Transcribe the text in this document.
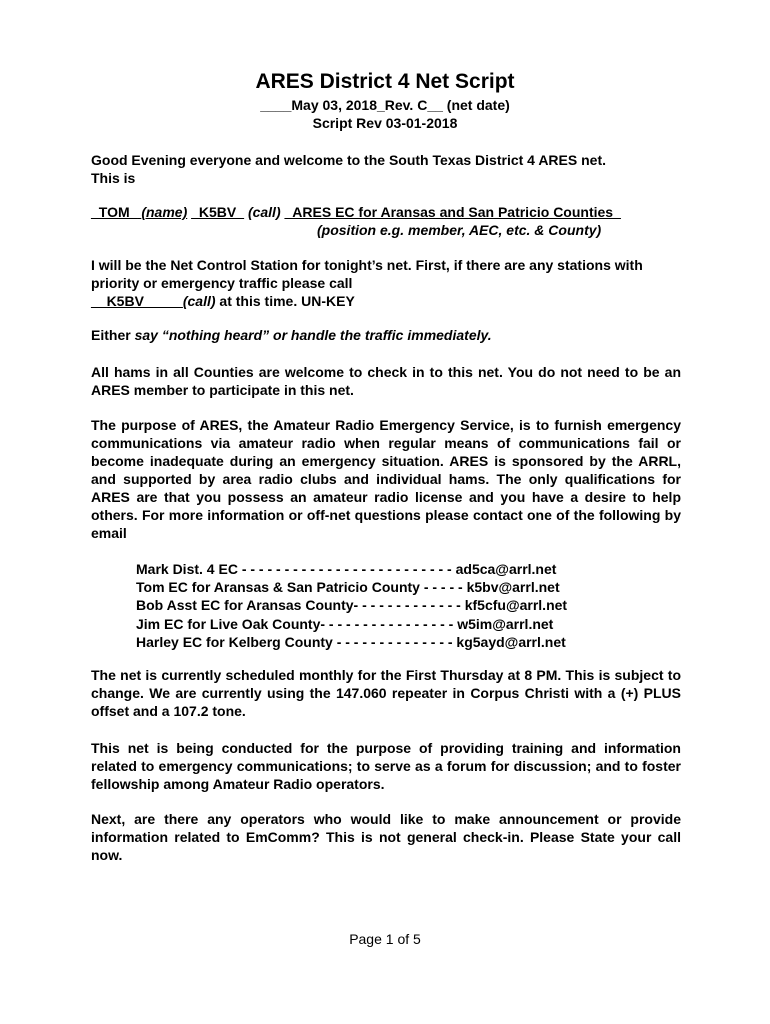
ARES District 4 Net Script
____May 03, 2018_Rev. C__ (net date)
Script Rev 03-01-2018
Good Evening everyone and welcome to the South Texas District 4 ARES net.
This is
_TOM_ (name) _K5BV_ (call) _ARES EC for Aransas and San Patricio Counties_
(position e.g. member, AEC, etc. & County)
I will be the Net Control Station for tonight’s net. First, if there are any stations with
priority or emergency traffic please call
__K5BV_____(call) at this time. UN-KEY
Either say “nothing heard” or handle the traffic immediately.
All hams in all Counties are welcome to check in to this net. You do not need to be an ARES member to participate in this net.
The purpose of ARES, the Amateur Radio Emergency Service, is to furnish emergency communications via amateur radio when regular means of communications fail or become inadequate during an emergency situation. ARES is sponsored by the ARRL, and supported by area radio clubs and individual hams. The only qualifications for ARES are that you possess an amateur radio license and you have a desire to help others. For more information or off-net questions please contact one of the following by email
Mark Dist. 4 EC - - - - - - - - - - - - - - - - - - - - - - - - - ad5ca@arrl.net
Tom EC for Aransas & San Patricio County - - - - - k5bv@arrl.net
Bob Asst EC for Aransas County- - - - - - - - - - - - - kf5cfu@arrl.net
Jim EC for Live Oak County- - - - - - - - - - - - - - - - w5im@arrl.net
Harley EC for Kelberg County - - - - - - - - - - - - - - kg5ayd@arrl.net
The net is currently scheduled monthly for the First Thursday at 8 PM. This is subject to change. We are currently using the 147.060 repeater in Corpus Christi with a (+) PLUS offset and a 107.2 tone.
This net is being conducted for the purpose of providing training and information related to emergency communications; to serve as a forum for discussion; and to foster fellowship among Amateur Radio operators.
Next, are there any operators who would like to make announcement or provide information related to EmComm? This is not general check-in. Please State your call now.
Page 1 of 5
